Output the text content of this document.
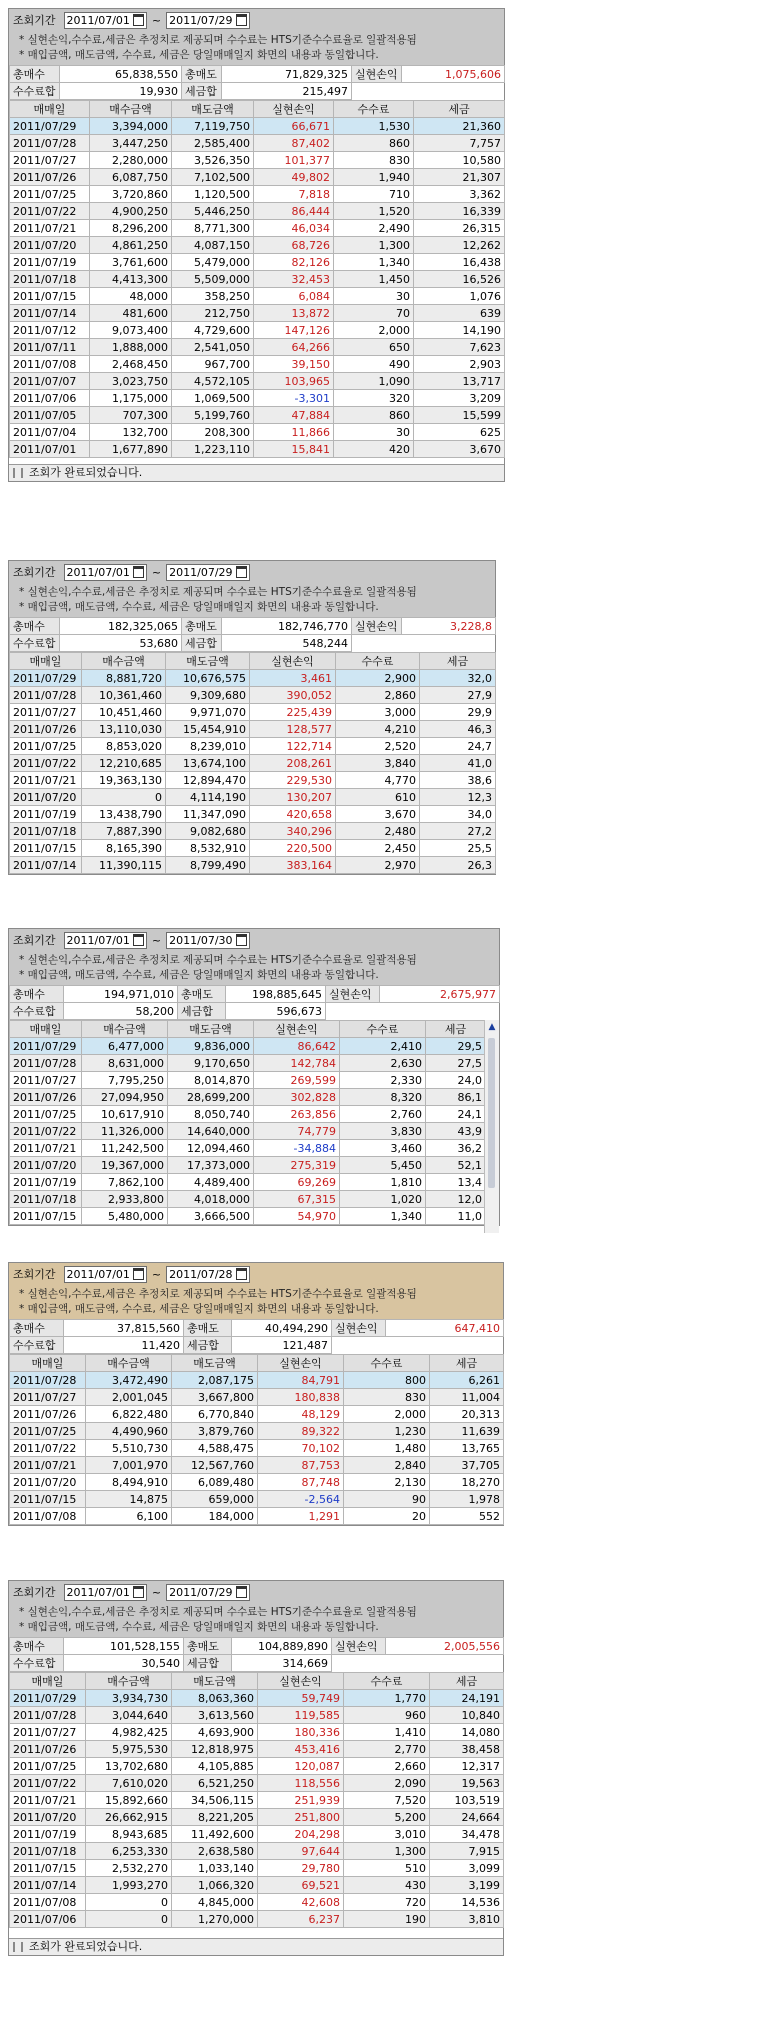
조회기간 2011/07/01 ~ 2011/07/29
* 실현손익,수수료,세금은 추정치로 제공되며 수수료는 HTS기준수수료율로 일괄적용됨
* 매입금액, 매도금액, 수수료, 세금은 당일매매일지 화면의 내용과 동일합니다.
총매수	65,838,550	총매도	71,829,325	실현손익	1,075,606
수수료합	19,930	세금합	215,497		
매매일	매수금액	매도금액	실현손익	수수료	세금
2011/07/29	3,394,000	7,119,750	66,671	1,530	21,360
2011/07/28	3,447,250	2,585,400	87,402	860	7,757
2011/07/27	2,280,000	3,526,350	101,377	830	10,580
2011/07/26	6,087,750	7,102,500	49,802	1,940	21,307
2011/07/25	3,720,860	1,120,500	7,818	710	3,362
2011/07/22	4,900,250	5,446,250	86,444	1,520	16,339
2011/07/21	8,296,200	8,771,300	46,034	2,490	26,315
2011/07/20	4,861,250	4,087,150	68,726	1,300	12,262
2011/07/19	3,761,600	5,479,000	82,126	1,340	16,438
2011/07/18	4,413,300	5,509,000	32,453	1,450	16,526
2011/07/15	48,000	358,250	6,084	30	1,076
2011/07/14	481,600	212,750	13,872	70	639
2011/07/12	9,073,400	4,729,600	147,126	2,000	14,190
2011/07/11	1,888,000	2,541,050	64,266	650	7,623
2011/07/08	2,468,450	967,700	39,150	490	2,903
2011/07/07	3,023,750	4,572,105	103,965	1,090	13,717
2011/07/06	1,175,000	1,069,500	-3,301	320	3,209
2011/07/05	707,300	5,199,760	47,884	860	15,599
2011/07/04	132,700	208,300	11,866	30	625
2011/07/01	1,677,890	1,223,110	15,841	420	3,670
조회가 완료되었습니다.
조회기간 2011/07/01 ~ 2011/07/29
* 실현손익,수수료,세금은 추정치로 제공되며 수수료는 HTS기준수수료율로 일괄적용됨
* 매입금액, 매도금액, 수수료, 세금은 당일매매일지 화면의 내용과 동일합니다.
총매수	182,325,065	총매도	182,746,770	실현손익	3,228,8
수수료합	53,680	세금합	548,244		
매매일	매수금액	매도금액	실현손익	수수료	세금
2011/07/29	8,881,720	10,676,575	3,461	2,900	32,0
2011/07/28	10,361,460	9,309,680	390,052	2,860	27,9
2011/07/27	10,451,460	9,971,070	225,439	3,000	29,9
2011/07/26	13,110,030	15,454,910	128,577	4,210	46,3
2011/07/25	8,853,020	8,239,010	122,714	2,520	24,7
2011/07/22	12,210,685	13,674,100	208,261	3,840	41,0
2011/07/21	19,363,130	12,894,470	229,530	4,770	38,6
2011/07/20	0	4,114,190	130,207	610	12,3
2011/07/19	13,438,790	11,347,090	420,658	3,670	34,0
2011/07/18	7,887,390	9,082,680	340,296	2,480	27,2
2011/07/15	8,165,390	8,532,910	220,500	2,450	25,5
2011/07/14	11,390,115	8,799,490	383,164	2,970	26,3
조회기간 2011/07/01 ~ 2011/07/30
* 실현손익,수수료,세금은 추정치로 제공되며 수수료는 HTS기준수수료율로 일괄적용됨
* 매입금액, 매도금액, 수수료, 세금은 당일매매일지 화면의 내용과 동일합니다.
총매수	194,971,010	총매도	198,885,645	실현손익	2,675,977
수수료합	58,200	세금합	596,673		
매매일	매수금액	매도금액	실현손익	수수료	세금
2011/07/29	6,477,000	9,836,000	86,642	2,410	29,5
2011/07/28	8,631,000	9,170,650	142,784	2,630	27,5
2011/07/27	7,795,250	8,014,870	269,599	2,330	24,0
2011/07/26	27,094,950	28,699,200	302,828	8,320	86,1
2011/07/25	10,617,910	8,050,740	263,856	2,760	24,1
2011/07/22	11,326,000	14,640,000	74,779	3,830	43,9
2011/07/21	11,242,500	12,094,460	-34,884	3,460	36,2
2011/07/20	19,367,000	17,373,000	275,319	5,450	52,1
2011/07/19	7,862,100	4,489,400	69,269	1,810	13,4
2011/07/18	2,933,800	4,018,000	67,315	1,020	12,0
2011/07/15	5,480,000	3,666,500	54,970	1,340	11,0
▲
조회기간 2011/07/01 ~ 2011/07/28
* 실현손익,수수료,세금은 추정치로 제공되며 수수료는 HTS기준수수료율로 일괄적용됨
* 매입금액, 매도금액, 수수료, 세금은 당일매매일지 화면의 내용과 동일합니다.
총매수	37,815,560	총매도	40,494,290	실현손익	647,410
수수료합	11,420	세금합	121,487		
매매일	매수금액	매도금액	실현손익	수수료	세금
2011/07/28	3,472,490	2,087,175	84,791	800	6,261
2011/07/27	2,001,045	3,667,800	180,838	830	11,004
2011/07/26	6,822,480	6,770,840	48,129	2,000	20,313
2011/07/25	4,490,960	3,879,760	89,322	1,230	11,639
2011/07/22	5,510,730	4,588,475	70,102	1,480	13,765
2011/07/21	7,001,970	12,567,760	87,753	2,840	37,705
2011/07/20	8,494,910	6,089,480	87,748	2,130	18,270
2011/07/15	14,875	659,000	-2,564	90	1,978
2011/07/08	6,100	184,000	1,291	20	552
조회기간 2011/07/01 ~ 2011/07/29
* 실현손익,수수료,세금은 추정치로 제공되며 수수료는 HTS기준수수료율로 일괄적용됨
* 매입금액, 매도금액, 수수료, 세금은 당일매매일지 화면의 내용과 동일합니다.
총매수	101,528,155	총매도	104,889,890	실현손익	2,005,556
수수료합	30,540	세금합	314,669		
매매일	매수금액	매도금액	실현손익	수수료	세금
2011/07/29	3,934,730	8,063,360	59,749	1,770	24,191
2011/07/28	3,044,640	3,613,560	119,585	960	10,840
2011/07/27	4,982,425	4,693,900	180,336	1,410	14,080
2011/07/26	5,975,530	12,818,975	453,416	2,770	38,458
2011/07/25	13,702,680	4,105,885	120,087	2,660	12,317
2011/07/22	7,610,020	6,521,250	118,556	2,090	19,563
2011/07/21	15,892,660	34,506,115	251,939	7,520	103,519
2011/07/20	26,662,915	8,221,205	251,800	5,200	24,664
2011/07/19	8,943,685	11,492,600	204,298	3,010	34,478
2011/07/18	6,253,330	2,638,580	97,644	1,300	7,915
2011/07/15	2,532,270	1,033,140	29,780	510	3,099
2011/07/14	1,993,270	1,066,320	69,521	430	3,199
2011/07/08	0	4,845,000	42,608	720	14,536
2011/07/06	0	1,270,000	6,237	190	3,810
조회가 완료되었습니다.
